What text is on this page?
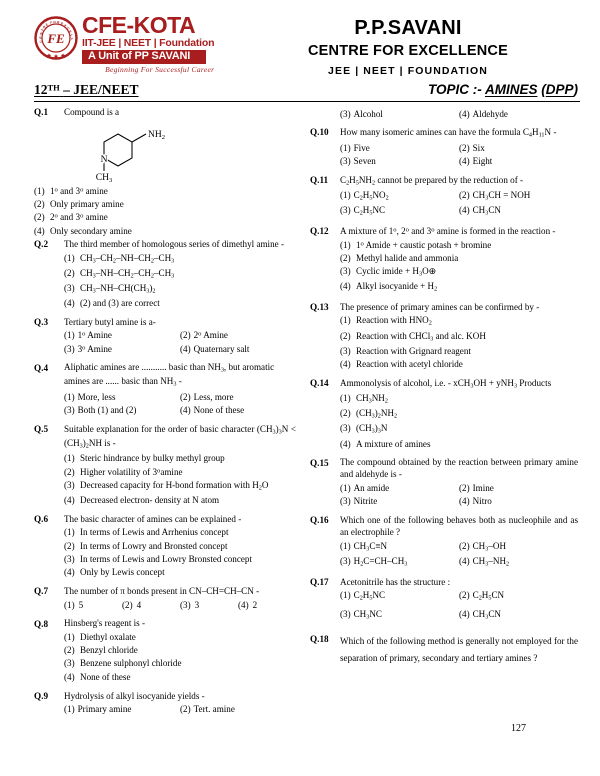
FE
C
E
N
T
R
E F O R E X
C
E
L
L
CFE-KOTA
IIT-JEE | NEET | Foundation
A Unit of PP SAVANI
Beginning For Successful Career
P.P.SAVANI
CENTRE FOR EXCELLENCE
JEE | NEET | FOUNDATION
12TH – JEE/NEET	TOPIC :- AMINES (DPP)
Q.1	Compound is a
N
$NH_2$
$CH_3$
(1) 1$^o$ and 3$^o$ amine
(2) Only primary amine
(2) 2$^o$ and 3$^o$ amine
(4) Only secondary amine
Q.2	The third member of homologous series of dimethyl amine -
(1) $CH_3-CH_2-NH-CH_2-CH_3$
(2) $CH_3-NH-CH_2-CH_2-CH_3$
(3) $CH_3-NH-CH(CH_3)_2$
(4) (2) and (3) are correct
Q.3	Tertiary butyl amine is a-
(1) 1$^o$ Amine	(2) 2$^o$ Amine
(3) 3$^o$ Amine	(4) Quaternary salt
Q.4	Aliphatic amines are ........... basic than $NH_3$, but aromatic amines are ...... basic than $NH_3$ -
(1) More, less	(2) Less, more
(3) Both (1) and (2)	(4) None of these
Q.5	Suitable explanation for the order of basic character $(CH_3)_3N < (CH_3)_2NH$ is -
(1) Steric hindrance by bulky methyl group
(2) Higher volatility of 3$^o$amine
(3) Decreased capacity for H-bond formation with $H_2O$
(4) Decreased electron- density at N atom
Q.6	The basic character of amines can be explained -
(1) In terms of Lewis and Arrhenius concept
(2) In terms of Lowry and Bronsted concept
(3) In terms of Lewis and Lowry Bronsted concept
(4) Only by Lewis concept
Q.7	The number of π bonds present in CN–CH=CH–CN -
(1) 5	(2) 4	(3) 3	(4) 2
Q.8	Hinsberg's reagent is -
(1) Diethyl oxalate
(2) Benzyl chloride
(3) Benzene sulphonyl chloride
(4) None of these
Q.9	Hydrolysis of alkyl isocyanide yields -
(1) Primary amine	(2) Tert. amine
(3) Alcohol	(4) Aldehyde
Q.10	How many isomeric amines can have the formula $C_4H_{11}N$ -
(1) Five	(2) Six
(3) Seven	(4) Eight
Q.11	$C_2H_5NH_2$ cannot be prepared by the reduction of -
(1) $C_2H_5NO_2$	(2) $CH_3CH$ = NOH
(3) $C_2H_5NC$	(4) $CH_3CN$
Q.12	A mixture of 1$^o$, 2$^o$ and 3$^o$ amine is formed in the reaction -
(1) 1$^o$ Amide + caustic potash + bromine
(2) Methyl halide and ammonia
(3) Cyclic imide + $H_3O\oplus$
(4) Alkyl isocyanide + $H_2$
Q.13	The presence of primary amines can be confirmed by -
(1) Reaction with $HNO_2$
(2) Reaction with CHCl$_3$ and alc. KOH
(3) Reaction with Grignard reagent
(4) Reaction with acetyl chloride
Q.14	Ammonolysis of alcohol, i.e. - xCH$_3$OH + yNH$_3$ Products
(1) $CH_3NH_2$
(2) $(CH_3)_2NH_2$
(3) $(CH_3)_3N$
(4) A mixture of amines
Q.15	The compound obtained by the reaction between primary amine and aldehyde is -
(1) An amide	(2) Imine
(3) Nitrite	(4) Nitro
Q.16	Which one of the following behaves both as nucleophile and as an electrophile ?
(1) $CH_3C\equiv N$	(2) $CH_3-OH$
(3) $H_2C=CH-CH_3$	(4) $CH_3-NH_2$
Q.17	Acetonitrile has the structure :
(1) $C_2H_5NC$	(2) $C_2H_5CN$
(3) $CH_3NC$	(4) $CH_3CN$
Q.18	Which of the following method is generally not employed for the separation of primary, secondary and tertiary amines ?
127
